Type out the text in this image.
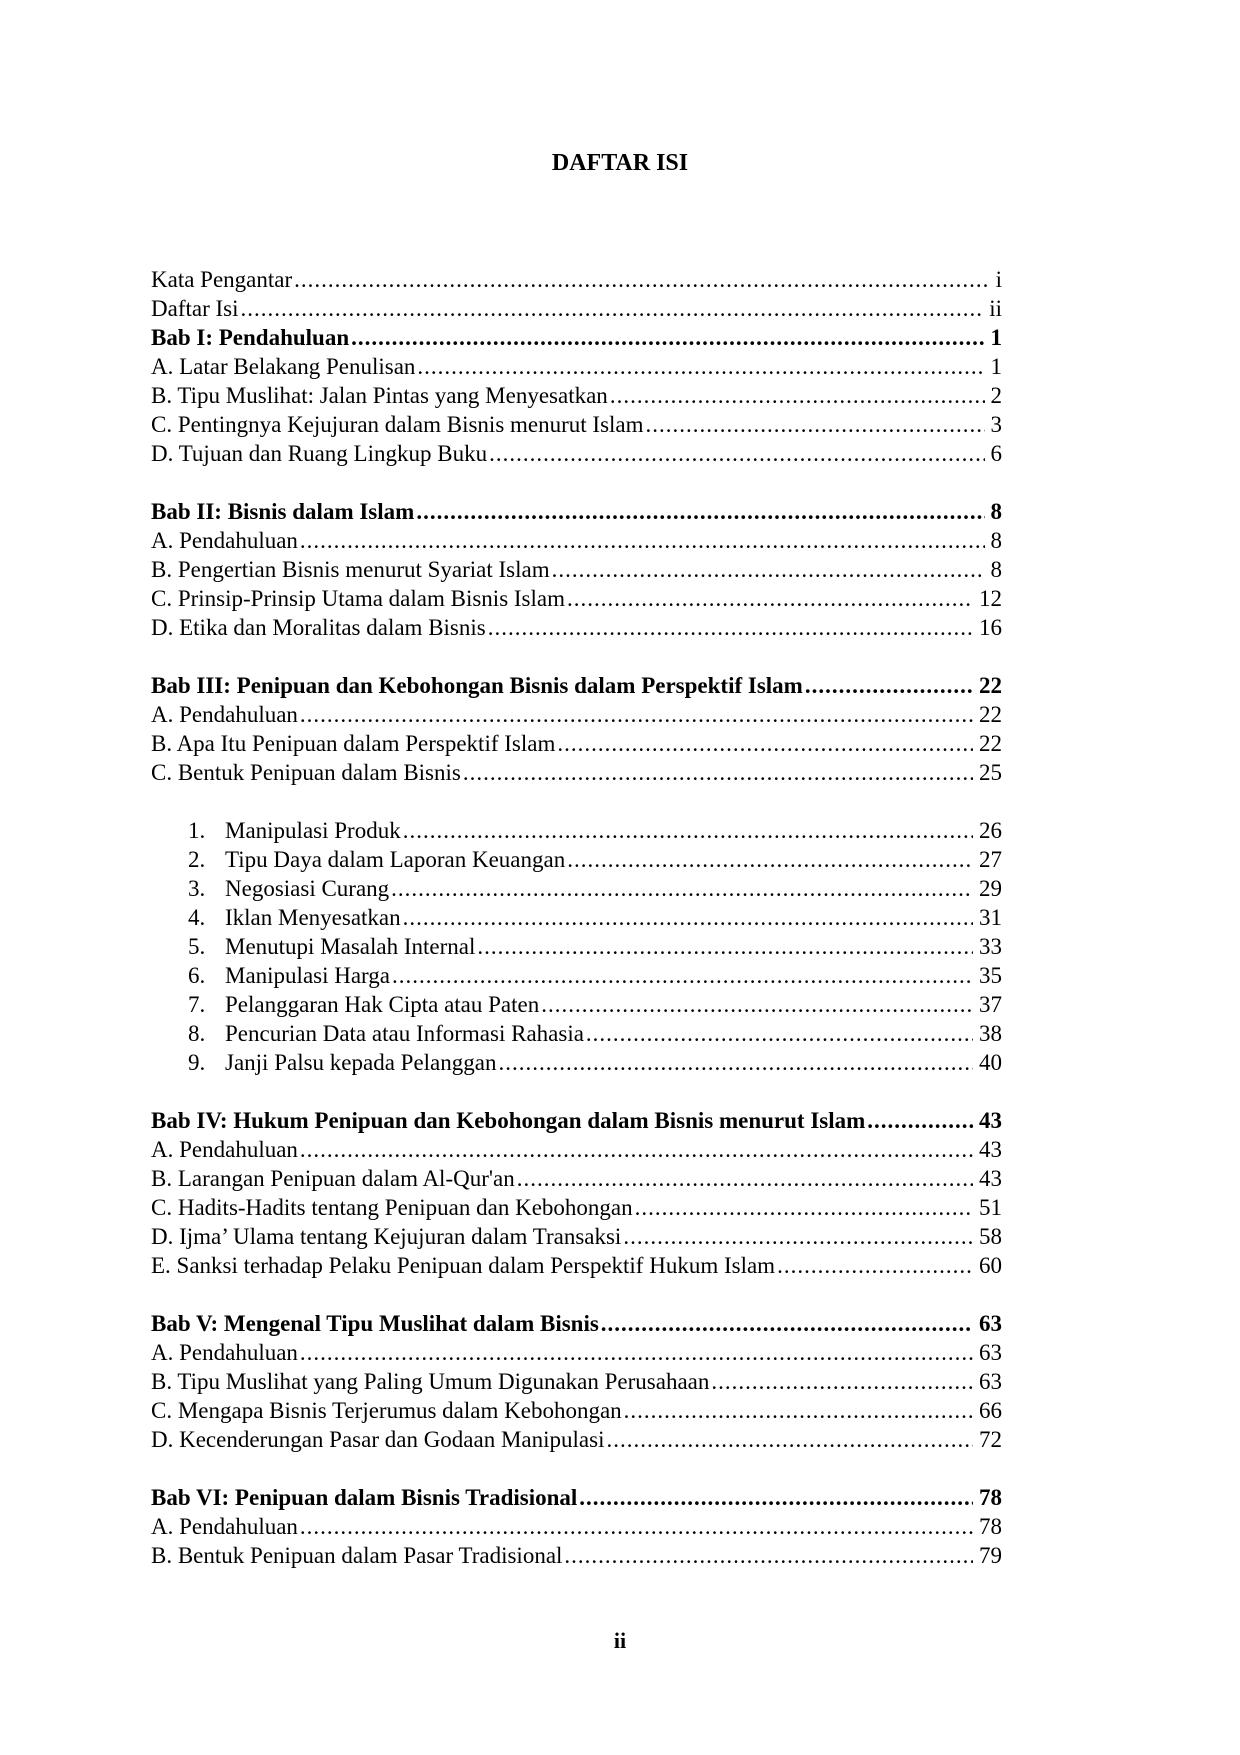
DAFTAR ISI
Kata Pengantar .....	i
Daftar Isi .....	ii
Bab I: Pendahuluan .....	1
A. Latar Belakang Penulisan .....	1
B. Tipu Muslihat: Jalan Pintas yang Menyesatkan .....	2
C. Pentingnya Kejujuran dalam Bisnis menurut Islam .....	3
D. Tujuan dan Ruang Lingkup Buku .....	6
Bab II: Bisnis dalam Islam .....	8
A. Pendahuluan .....	8
B. Pengertian Bisnis menurut Syariat Islam .....	8
C. Prinsip-Prinsip Utama dalam Bisnis Islam .....	12
D. Etika dan Moralitas dalam Bisnis .....	16
Bab III: Penipuan dan Kebohongan Bisnis dalam Perspektif Islam .....	22
A. Pendahuluan .....	22
B. Apa Itu Penipuan dalam Perspektif Islam .....	22
C. Bentuk Penipuan dalam Bisnis .....	25
1. Manipulasi Produk .....	26
2. Tipu Daya dalam Laporan Keuangan .....	27
3. Negosiasi Curang .....	29
4. Iklan Menyesatkan .....	31
5. Menutupi Masalah Internal .....	33
6. Manipulasi Harga .....	35
7. Pelanggaran Hak Cipta atau Paten .....	37
8. Pencurian Data atau Informasi Rahasia .....	38
9. Janji Palsu kepada Pelanggan .....	40
Bab IV: Hukum Penipuan dan Kebohongan dalam Bisnis menurut Islam .....	43
A. Pendahuluan .....	43
B. Larangan Penipuan dalam Al-Qur'an .....	43
C. Hadits-Hadits tentang Penipuan dan Kebohongan .....	51
D. Ijma’ Ulama tentang Kejujuran dalam Transaksi .....	58
E. Sanksi terhadap Pelaku Penipuan dalam Perspektif Hukum Islam .....	60
Bab V: Mengenal Tipu Muslihat dalam Bisnis .....	63
A. Pendahuluan .....	63
B. Tipu Muslihat yang Paling Umum Digunakan Perusahaan .....	63
C. Mengapa Bisnis Terjerumus dalam Kebohongan .....	66
D. Kecenderungan Pasar dan Godaan Manipulasi .....	72
Bab VI: Penipuan dalam Bisnis Tradisional .....	78
A. Pendahuluan .....	78
B. Bentuk Penipuan dalam Pasar Tradisional .....	79
ii
